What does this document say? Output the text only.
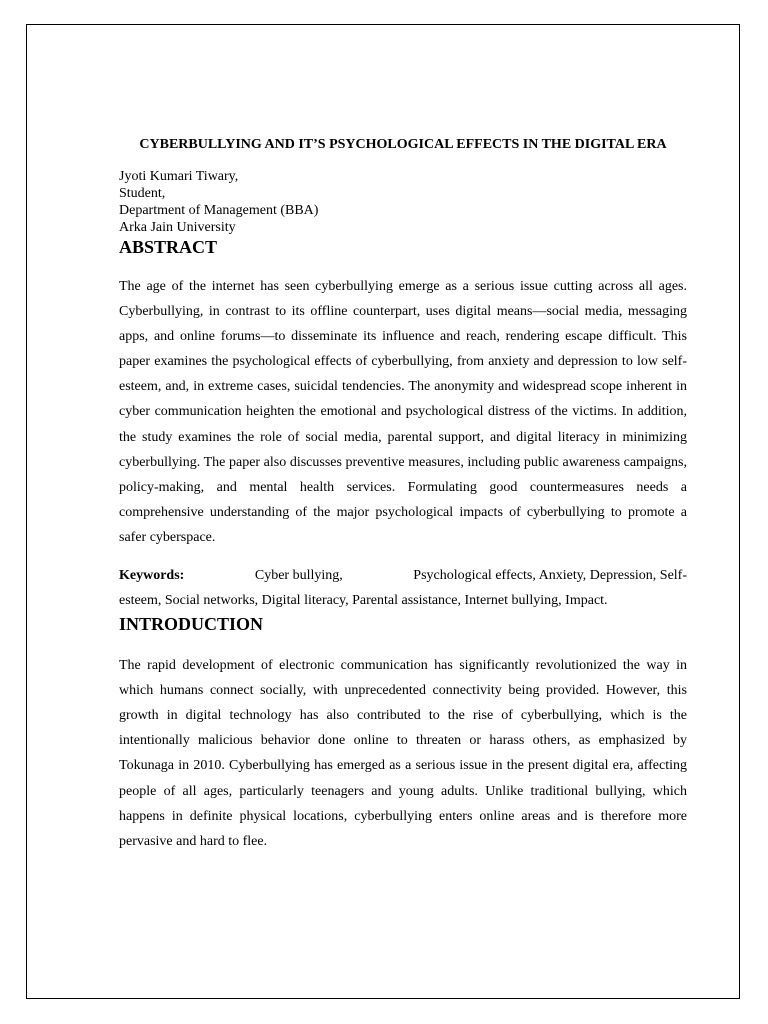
CYBERBULLYING AND IT’S PSYCHOLOGICAL EFFECTS IN THE DIGITAL ERA
Jyoti Kumari Tiwary,
Student,
Department of Management (BBA)
Arka Jain University
ABSTRACT

The age of the internet has seen cyberbullying emerge as a serious issue cutting across all ages. Cyberbullying, in contrast to its offline counterpart, uses digital means—social media, messaging apps, and online forums—to disseminate its influence and reach, rendering escape difficult. This paper examines the psychological effects of cyberbullying, from anxiety and depression to low self-esteem, and, in extreme cases, suicidal tendencies. The anonymity and widespread scope inherent in cyber communication heighten the emotional and psychological distress of the victims. In addition, the study examines the role of social media, parental support, and digital literacy in minimizing cyberbullying. The paper also discusses preventive measures, including public awareness campaigns, policy-making, and mental health services. Formulating good countermeasures needs a comprehensive understanding of the major psychological impacts of cyberbullying to promote a safer cyberspace.

Keywords:	Cyber bullying,	Psychological effects, Anxiety, Depression, Self-
esteem, Social networks, Digital literacy, Parental assistance, Internet bullying, Impact.
INTRODUCTION

The rapid development of electronic communication has significantly revolutionized the way in which humans connect socially, with unprecedented connectivity being provided. However, this growth in digital technology has also contributed to the rise of cyberbullying, which is the intentionally malicious behavior done online to threaten or harass others, as emphasized by Tokunaga in 2010. Cyberbullying has emerged as a serious issue in the present digital era, affecting people of all ages, particularly teenagers and young adults. Unlike traditional bullying, which happens in definite physical locations, cyberbullying enters online areas and is therefore more pervasive and hard to flee.
